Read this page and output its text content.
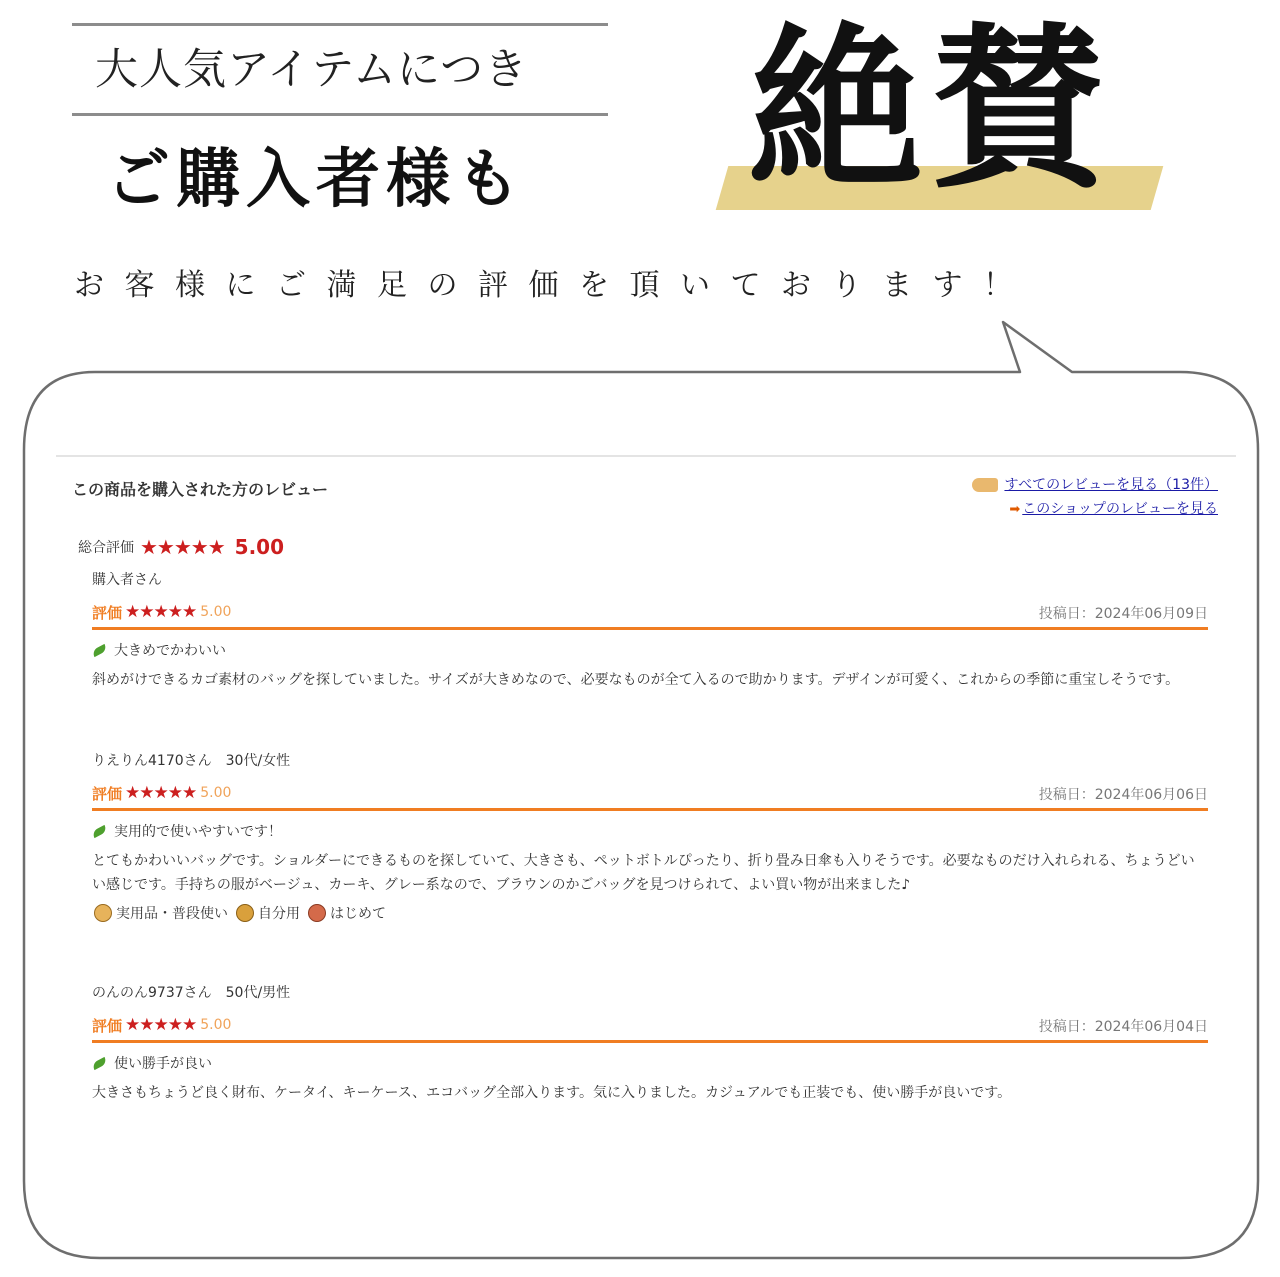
大人気アイテムにつき
ご購入者様も 絶賛
お客様にご満足の評価を頂いております！
この商品を購入された方のレビュー	すべてのレビューを見る（13件）
➡ このショップのレビューを見る
総合評価 ★★★★★ 5.00
購入者さん
評価 ★★★★★ 5.00	投稿日：2024年06月09日
大きめでかわいい
斜めがけできるカゴ素材のバッグを探していました。サイズが大きめなので、必要なものが全て入るので助かります。デザインが可愛く、これからの季節に重宝しそうです。
りえりん4170さん　30代/女性
評価 ★★★★★ 5.00	投稿日：2024年06月06日
実用的で使いやすいです！
とてもかわいいバッグです。ショルダーにできるものを探していて、大きさも、ペットボトルぴったり、折り畳み日傘も入りそうです。必要なものだけ入れられる、ちょうどいい感じです。手持ちの服がベージュ、カーキ、グレー系なので、ブラウンのかごバッグを見つけられて、よい買い物が出来ました♪
実用品・普段使い 自分用 はじめて
のんのん9737さん　50代/男性
評価 ★★★★★ 5.00	投稿日：2024年06月04日
使い勝手が良い
大きさもちょうど良く財布、ケータイ、キーケース、エコバッグ全部入ります。気に入りました。カジュアルでも正装でも、使い勝手が良いです。
